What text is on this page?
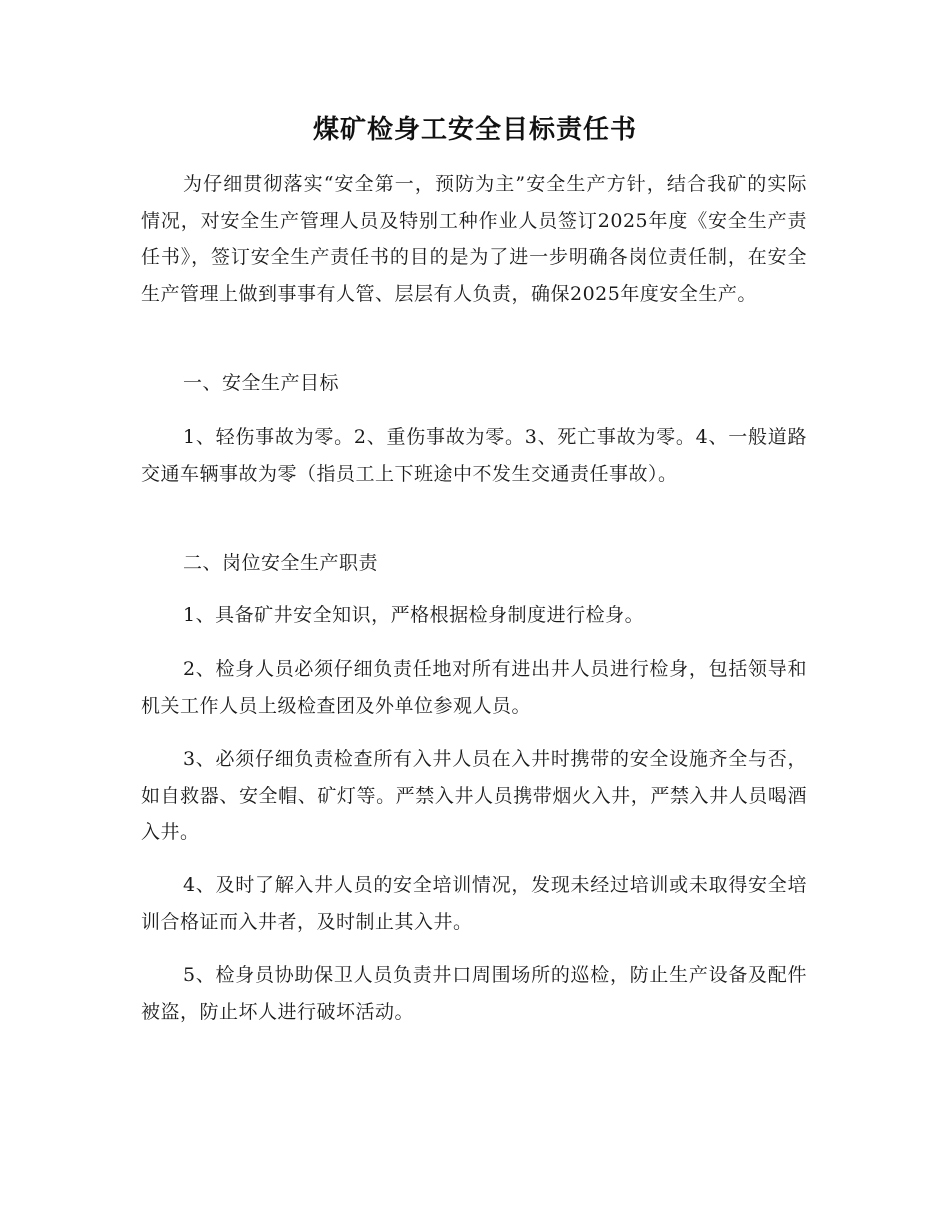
煤矿检身工安全目标责任书

为仔细贯彻落实“安全第一，预防为主”安全生产方针，结合我矿的实际情况，对安全生产管理人员及特别工种作业人员签订2025年度《安全生产责任书》，签订安全生产责任书的目的是为了进一步明确各岗位责任制，在安全生产管理上做到事事有人管、层层有人负责，确保2025年度安全生产。

一、安全生产目标

1、轻伤事故为零。2、重伤事故为零。3、死亡事故为零。4、一般道路交通车辆事故为零（指员工上下班途中不发生交通责任事故）。

二、岗位安全生产职责

1、具备矿井安全知识，严格根据检身制度进行检身。

2、检身人员必须仔细负责任地对所有进出井人员进行检身，包括领导和机关工作人员上级检查团及外单位参观人员。

3、必须仔细负责检查所有入井人员在入井时携带的安全设施齐全与否，如自救器、安全帽、矿灯等。严禁入井人员携带烟火入井，严禁入井人员喝酒入井。

4、及时了解入井人员的安全培训情况，发现未经过培训或未取得安全培训合格证而入井者，及时制止其入井。

5、检身员协助保卫人员负责井口周围场所的巡检，防止生产设备及配件被盗，防止坏人进行破坏活动。
